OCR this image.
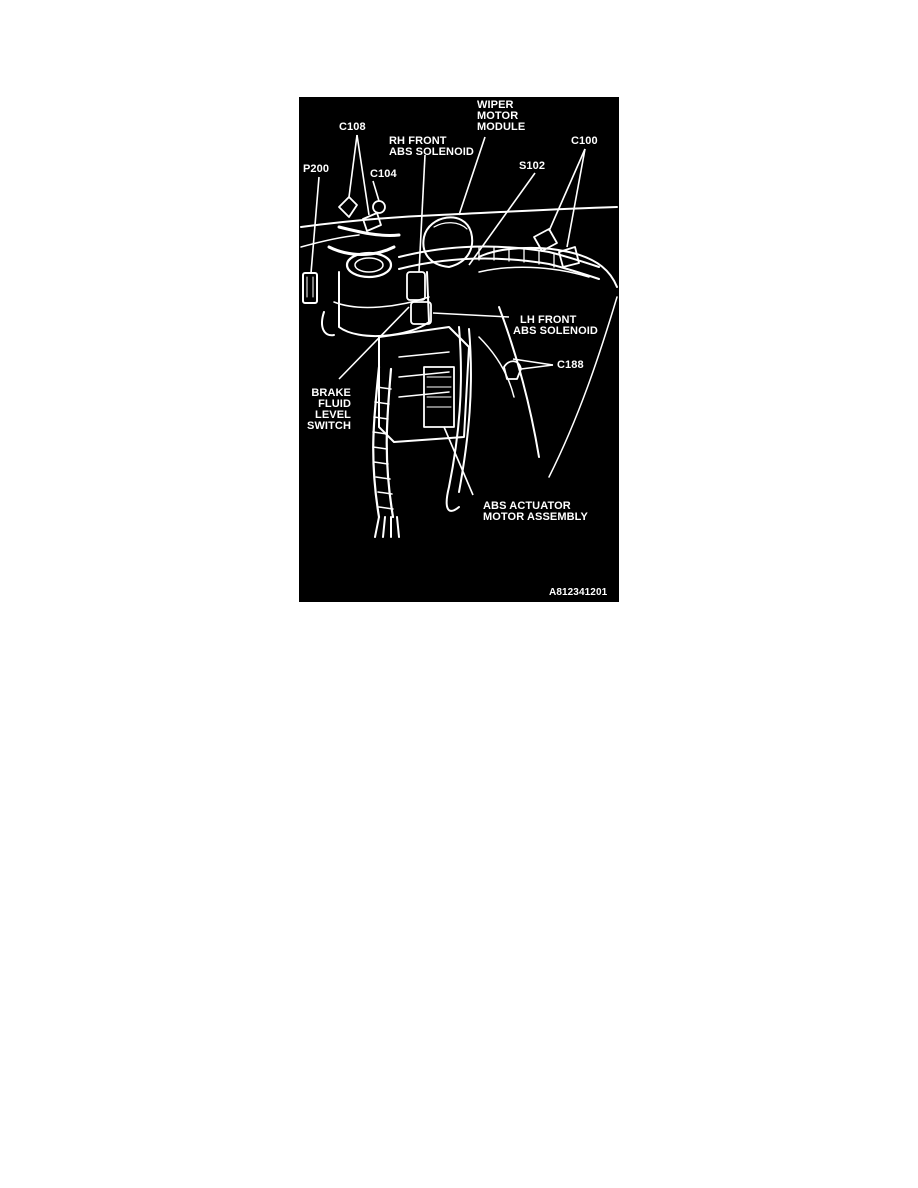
WIPER
MOTOR
MODULE
RH FRONT
ABS SOLENOID
C108
C100
S102
P200	C104
LH FRONT
ABS SOLENOID
C188
BRAKE
FLUID
LEVEL
SWITCH
ABS ACTUATOR
MOTOR ASSEMBLY
A812341201
